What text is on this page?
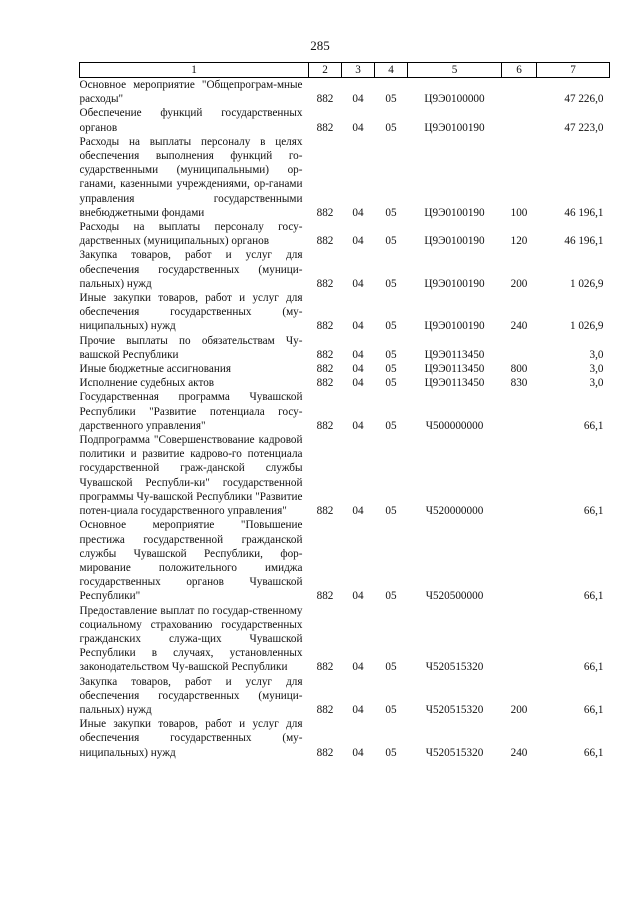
285
1	2	3	4	5	6	7
Основное мероприятие "Общепрограм-мные расходы"	882	04	05	Ц9Э0100000		47 226,0
Обеспечение функций государственных органов	882	04	05	Ц9Э0100190		47 223,0
Расходы на выплаты персоналу в целях обеспечения выполнения функций го-сударственными (муниципальными) ор-ганами, казенными учреждениями, ор-ганами управления государственными внебюджетными фондами	882	04	05	Ц9Э0100190	100	46 196,1
Расходы на выплаты персоналу госу-дарственных (муниципальных) органов	882	04	05	Ц9Э0100190	120	46 196,1
Закупка товаров, работ и услуг для обеспечения государственных (муници-пальных) нужд	882	04	05	Ц9Э0100190	200	1 026,9
Иные закупки товаров, работ и услуг для обеспечения государственных (му-ниципальных) нужд	882	04	05	Ц9Э0100190	240	1 026,9
Прочие выплаты по обязательствам Чу-вашской Республики	882	04	05	Ц9Э0113450		3,0
Иные бюджетные ассигнования	882	04	05	Ц9Э0113450	800	3,0
Исполнение судебных актов	882	04	05	Ц9Э0113450	830	3,0
Государственная программа Чувашской Республики "Развитие потенциала госу-дарственного управления"	882	04	05	Ч500000000		66,1
Подпрограмма "Совершенствование кадровой политики и развитие кадрово-го потенциала государственной граж-данской службы Чувашской Республи-ки" государственной программы Чу-вашской Республики "Развитие потен-циала государственного управления"	882	04	05	Ч520000000		66,1
Основное мероприятие "Повышение престижа государственной гражданской службы Чувашской Республики, фор-мирование положительного имиджа государственных органов Чувашской Республики"	882	04	05	Ч520500000		66,1
Предоставление выплат по государ-ственному социальному страхованию государственных гражданских служа-щих Чувашской Республики в случаях, установленных законодательством Чу-вашской Республики	882	04	05	Ч520515320		66,1
Закупка товаров, работ и услуг для обеспечения государственных (муници-пальных) нужд	882	04	05	Ч520515320	200	66,1
Иные закупки товаров, работ и услуг для обеспечения государственных (му-ниципальных) нужд	882	04	05	Ч520515320	240	66,1
